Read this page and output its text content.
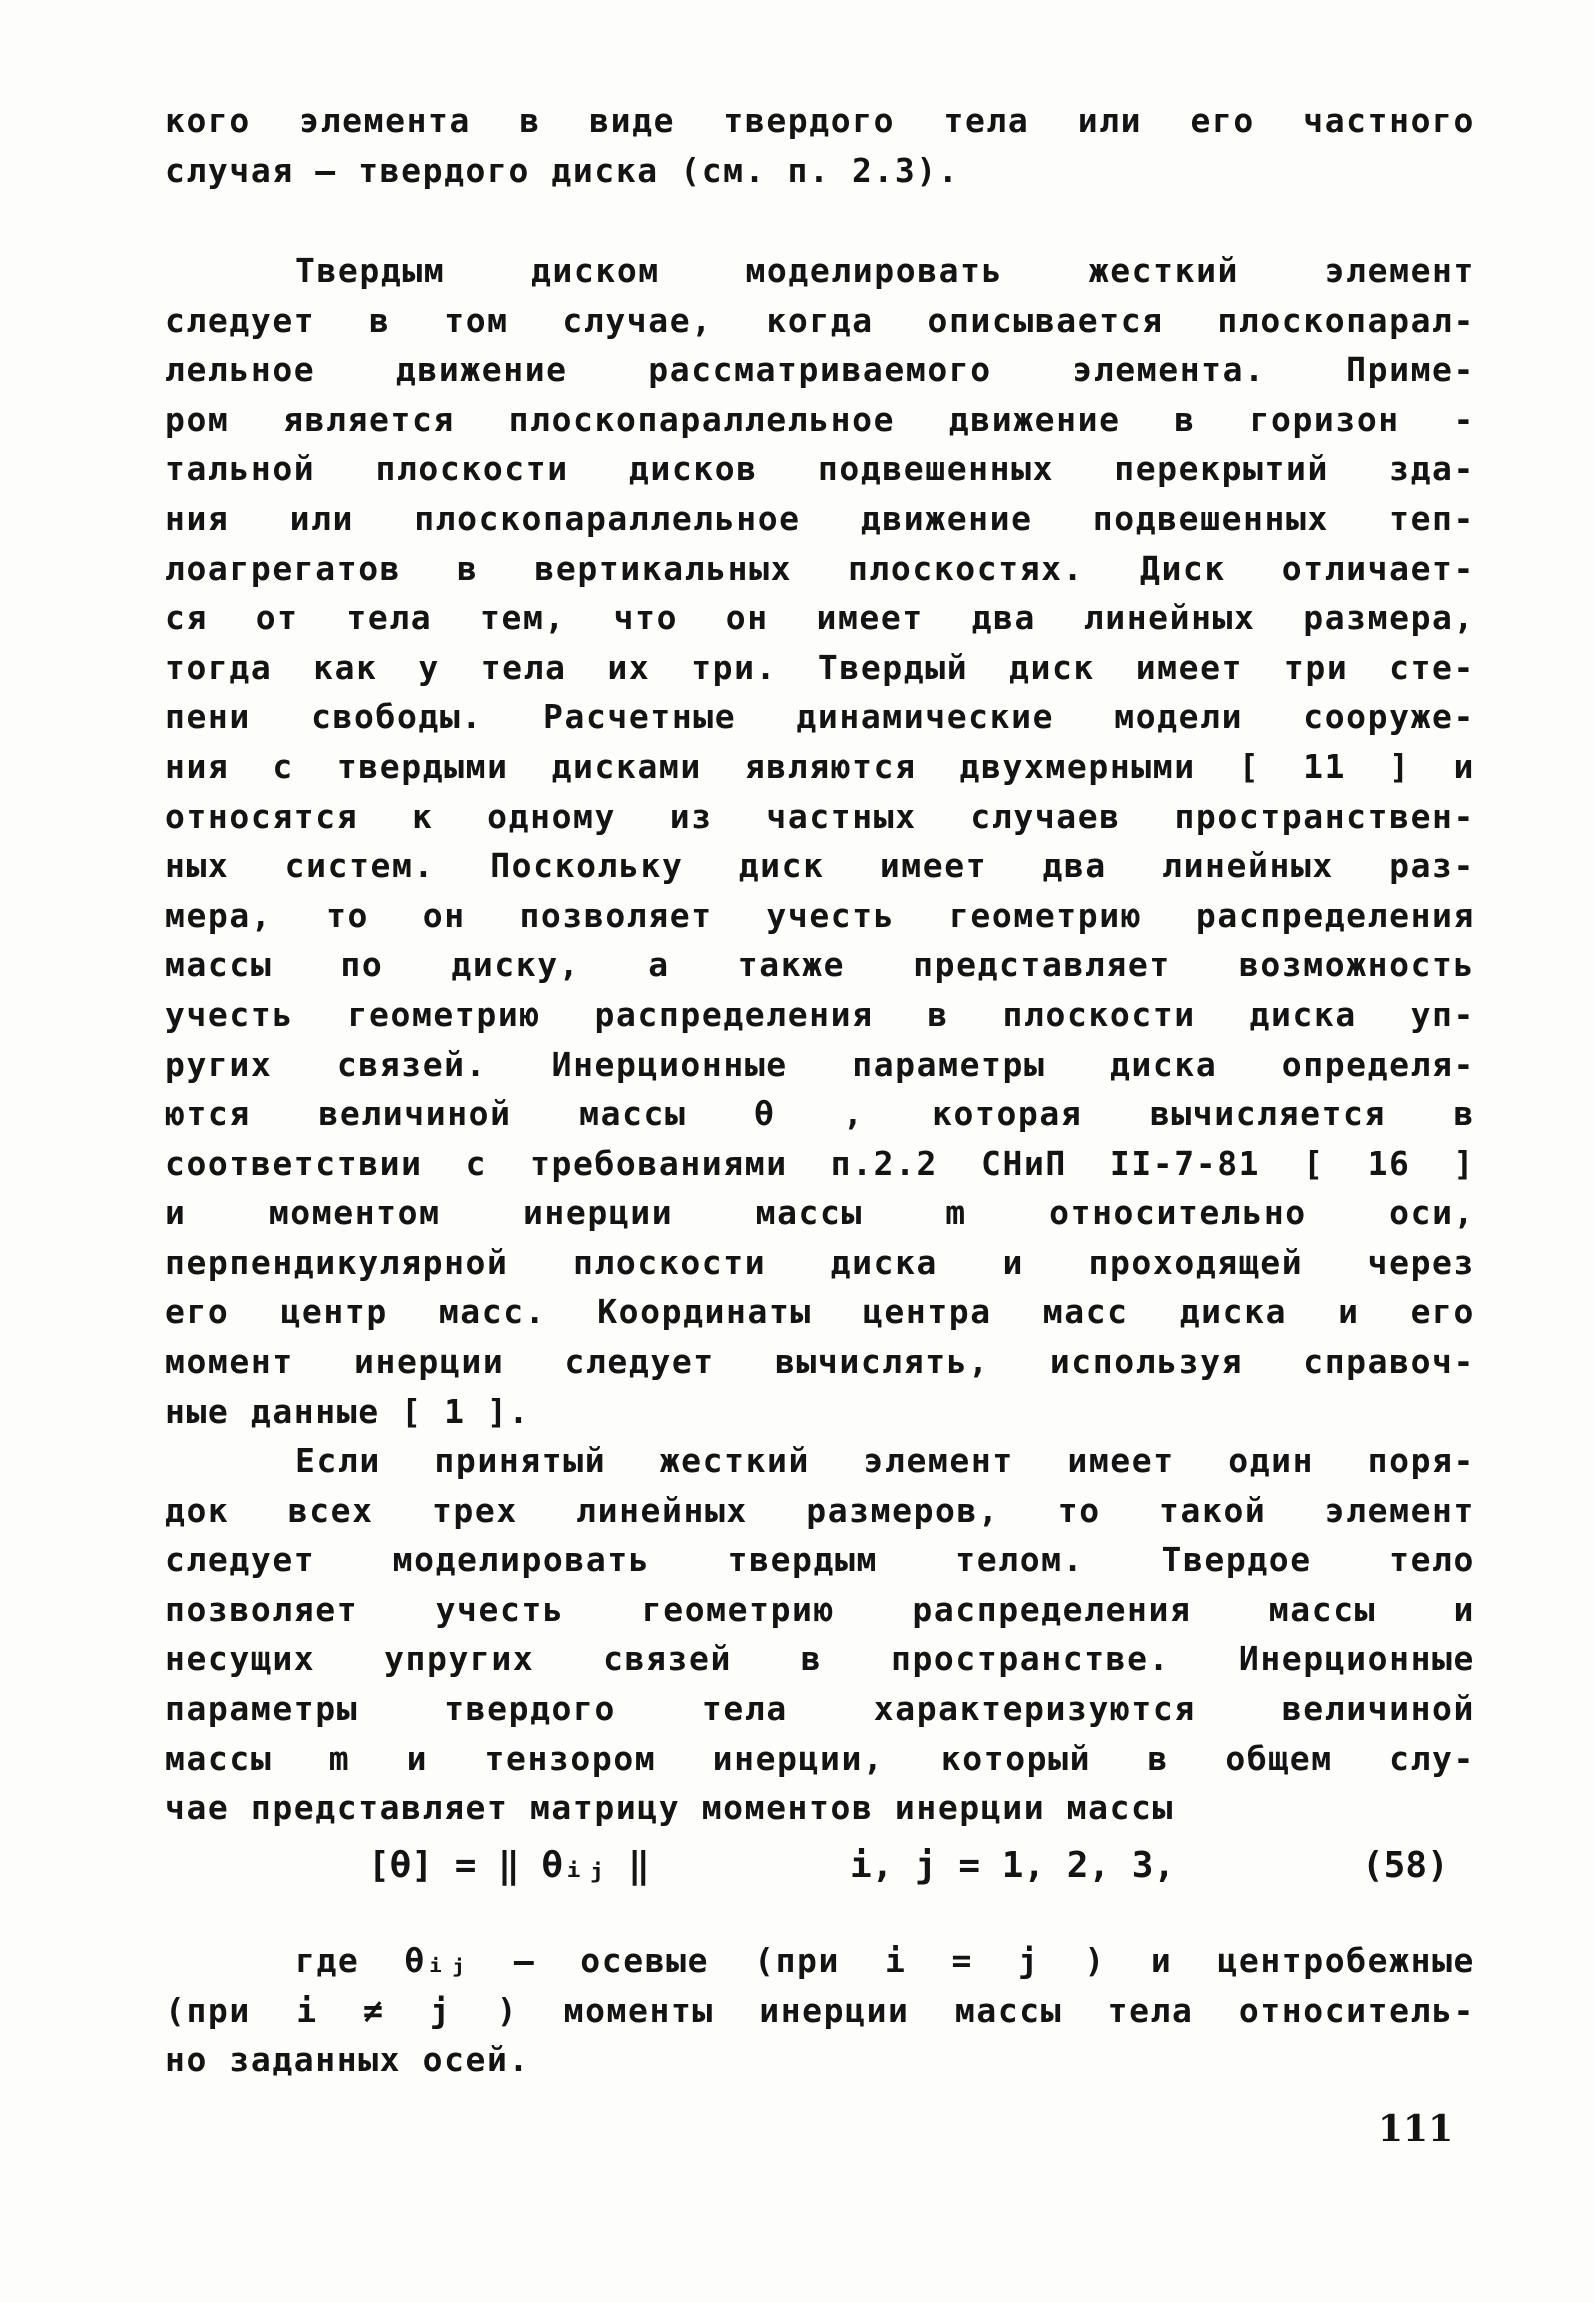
кого элемента в виде твердого тела или его частного
случая – твердого диска (см. п. 2.3).
Твердым диском моделировать жесткий элемент
следует в том случае, когда описывается плоскопарал-
лельное движение рассматриваемого элемента. Приме-
ром является плоскопараллельное движение в горизон -
тальной плоскости дисков подвешенных перекрытий зда-
ния или плоскопараллельное движение подвешенных теп-
лоагрегатов в вертикальных плоскостях. Диск отличает-
ся от тела тем, что он имеет два линейных размера,
тогда как у тела их три. Твердый диск имеет три сте-
пени свободы. Расчетные динамические модели сооруже-
ния с твердыми дисками являются двухмерными [ 11 ] и
относятся к одному из частных случаев пространствен-
ных систем. Поскольку диск имеет два линейных раз-
мера, то он позволяет учесть геометрию распределения
массы по диску, а также представляет возможность
учесть геометрию распределения в плоскости диска уп-
ругих связей. Инерционные параметры диска определя-
ются величиной массы θ , которая вычисляется в
соответствии с требованиями п.2.2 СНиП II-7-81 [ 16 ]
и моментом инерции массы m относительно оси,
перпендикулярной плоскости диска и проходящей через
его центр масс. Координаты центра масс диска и его
момент инерции следует вычислять, используя справоч-
ные данные [ 1 ].
Если принятый жесткий элемент имеет один поря-
док всех трех линейных размеров, то такой элемент
следует моделировать твердым телом. Твердое тело
позволяет учесть геометрию распределения массы и
несущих упругих связей в пространстве. Инерционные
параметры твердого тела характеризуются величиной
массы m и тензором инерции, который в общем слу-
чае представляет матрицу моментов инерции массы
[θ] = ‖ θᵢⱼ ‖	i, j = 1, 2, 3,	(58)
где θᵢⱼ – осевые (при i = j ) и центробежные
(при i ≠ j ) моменты инерции массы тела относитель-
но заданных осей.
111
